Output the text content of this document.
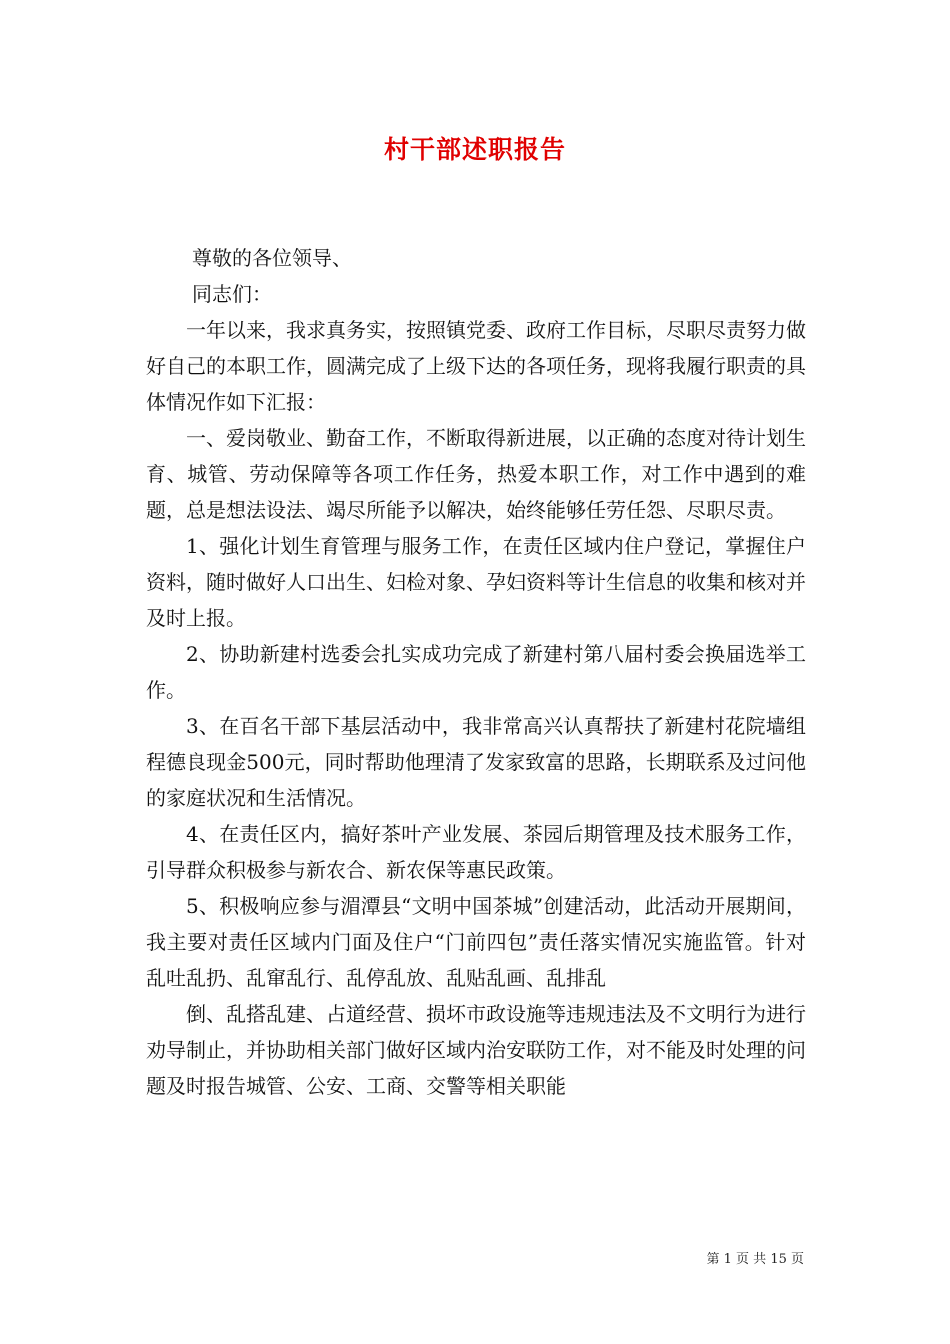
村干部述职报告

尊敬的各位领导、

同志们：

一年以来，我求真务实，按照镇党委、政府工作目标，尽职尽责努力做好自己的本职工作，圆满完成了上级下达的各项任务，现将我履行职责的具体情况作如下汇报：

一、爱岗敬业、勤奋工作，不断取得新进展，以正确的态度对待计划生育、城管、劳动保障等各项工作任务，热爱本职工作，对工作中遇到的难题，总是想法设法、竭尽所能予以解决，始终能够任劳任怨、尽职尽责。

1、强化计划生育管理与服务工作，在责任区域内住户登记，掌握住户资料，随时做好人口出生、妇检对象、孕妇资料等计生信息的收集和核对并及时上报。

2、协助新建村选委会扎实成功完成了新建村第八届村委会换届选举工作。

3、在百名干部下基层活动中，我非常高兴认真帮扶了新建村花院墙组程德良现金500元，同时帮助他理清了发家致富的思路，长期联系及过问他的家庭状况和生活情况。

4、在责任区内，搞好茶叶产业发展、茶园后期管理及技术服务工作，引导群众积极参与新农合、新农保等惠民政策。

5、积极响应参与湄潭县“文明中国茶城”创建活动，此活动开展期间，我主要对责任区域内门面及住户“门前四包”责任落实情况实施监管。针对乱吐乱扔、乱窜乱行、乱停乱放、乱贴乱画、乱排乱

倒、乱搭乱建、占道经营、损坏市政设施等违规违法及不文明行为进行劝导制止，并协助相关部门做好区域内治安联防工作，对不能及时处理的问题及时报告城管、公安、工商、交警等相关职能

第 1 页 共 15 页
